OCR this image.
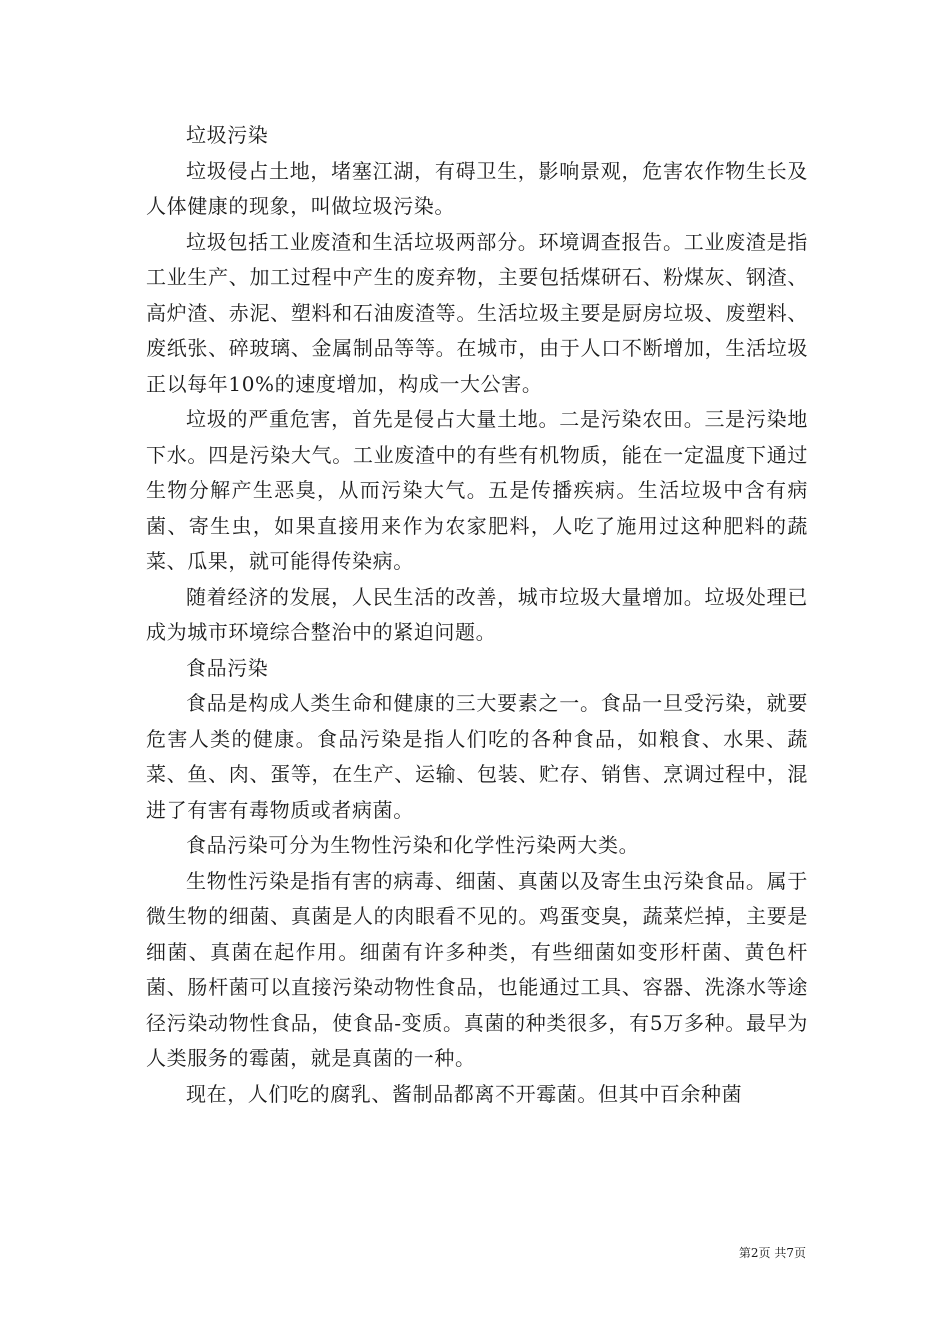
垃圾污染

垃圾侵占土地，堵塞江湖，有碍卫生，影响景观，危害农作物生长及人体健康的现象，叫做垃圾污染。

垃圾包括工业废渣和生活垃圾两部分。环境调查报告。工业废渣是指工业生产、加工过程中产生的废弃物，主要包括煤研石、粉煤灰、钢渣、高炉渣、赤泥、塑料和石油废渣等。生活垃圾主要是厨房垃圾、废塑料、废纸张、碎玻璃、金属制品等等。在城市，由于人口不断增加，生活垃圾正以每年10%的速度增加，构成一大公害。

垃圾的严重危害，首先是侵占大量土地。二是污染农田。三是污染地下水。四是污染大气。工业废渣中的有些有机物质，能在一定温度下通过生物分解产生恶臭，从而污染大气。五是传播疾病。生活垃圾中含有病菌、寄生虫，如果直接用来作为农家肥料，人吃了施用过这种肥料的蔬菜、瓜果，就可能得传染病。

随着经济的发展，人民生活的改善，城市垃圾大量增加。垃圾处理已成为城市环境综合整治中的紧迫问题。

食品污染

食品是构成人类生命和健康的三大要素之一。食品一旦受污染，就要危害人类的健康。食品污染是指人们吃的各种食品，如粮食、水果、蔬菜、鱼、肉、蛋等，在生产、运输、包装、贮存、销售、烹调过程中，混进了有害有毒物质或者病菌。

食品污染可分为生物性污染和化学性污染两大类。

生物性污染是指有害的病毒、细菌、真菌以及寄生虫污染食品。属于微生物的细菌、真菌是人的肉眼看不见的。鸡蛋变臭，蔬菜烂掉，主要是细菌、真菌在起作用。细菌有许多种类，有些细菌如变形杆菌、黄色杆菌、肠杆菌可以直接污染动物性食品，也能通过工具、容器、洗涤水等途径污染动物性食品，使食品-变质。真菌的种类很多，有5万多种。最早为人类服务的霉菌，就是真菌的一种。

现在，人们吃的腐乳、酱制品都离不开霉菌。但其中百余种菌

第2页 共7页
